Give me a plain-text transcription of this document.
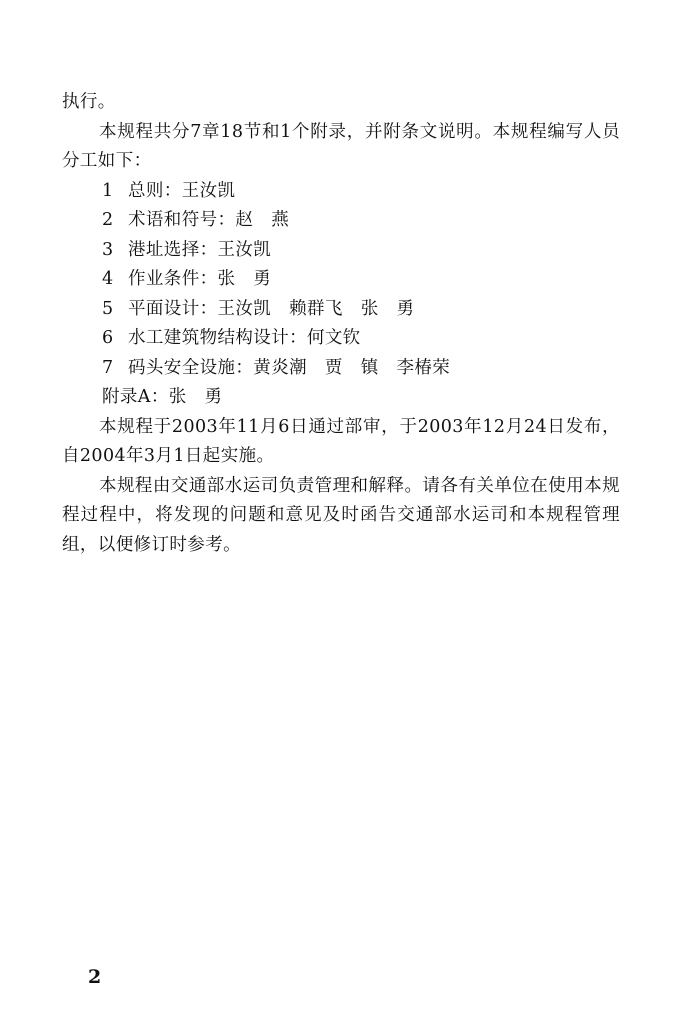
执行。

本规程共分7章18节和1个附录，并附条文说明。本规程编写人员分工如下：

1 总则：王汝凯
2 术语和符号：赵　燕
3 港址选择：王汝凯
4 作业条件：张　勇
5 平面设计：王汝凯　赖群飞　张　勇
6 水工建筑物结构设计：何文钦
7 码头安全设施：黄炎潮　贾　镇　李椿荣

附录A：张　勇

本规程于2003年11月6日通过部审，于2003年12月24日发布，自2004年3月1日起实施。

本规程由交通部水运司负责管理和解释。请各有关单位在使用本规程过程中，将发现的问题和意见及时函告交通部水运司和本规程管理组，以便修订时参考。

2
